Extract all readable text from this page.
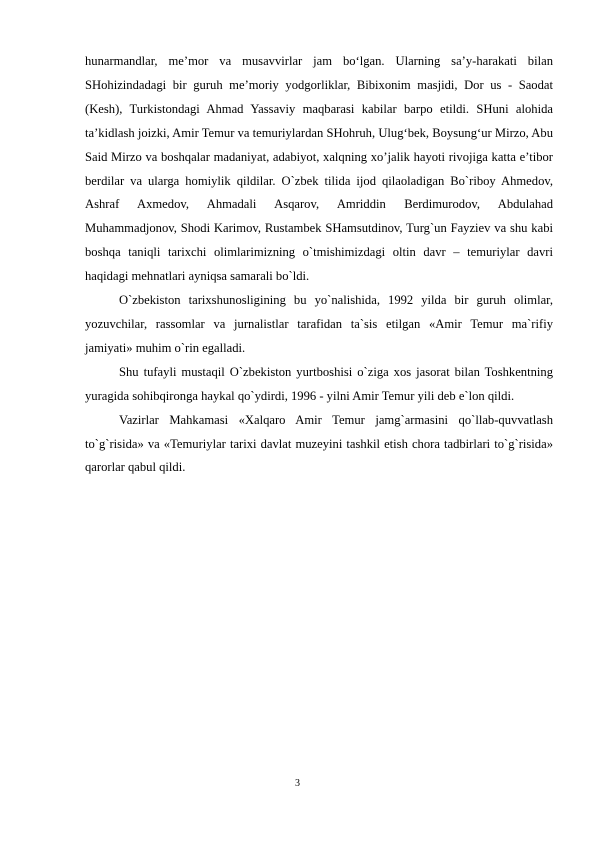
hunarmandlar, me’mor va musavvirlar jam bo‘lgan. Ularning sa’y-harakati bilan SHohizindadagi bir guruh me’moriy yodgorliklar, Bibixonim masjidi, Dor us - Saodat (Kesh), Turkistondagi Ahmad Yassaviy maqbarasi kabilar barpo etildi. SHuni alohida ta’kidlash joizki, Amir Temur va temuriylardan SHohruh, Ulug‘bek, Boysung‘ur Mirzo, Abu Said Mirzo va boshqalar madaniyat, adabiyot, xalqning xo’jalik hayoti rivojiga katta e’tibor berdilar va ularga homiylik qildilar. O`zbek tilida ijod qilaoladigan Bo`riboy Ahmedov, Ashraf Axmedov, Ahmadali Asqarov, Amriddin Berdimurodov, Abdulahad Muhammadjonov, Shodi Karimov, Rustambek SHamsutdinov, Turg`un Fayziev va shu kabi boshqa taniqli tarixchi olimlarimizning o`tmishimizdagi oltin davr – temuriylar davri haqidagi mehnatlari ayniqsa samarali bo`ldi.

O`zbekiston tarixshunosligining bu yo`nalishida, 1992 yilda bir guruh olimlar, yozuvchilar, rassomlar va jurnalistlar tarafidan ta`sis etilgan «Amir Temur ma`rifiy jamiyati» muhim o`rin egalladi.

Shu tufayli mustaqil O`zbekiston yurtboshisi o`ziga xos jasorat bilan Toshkentning yuragida sohibqironga haykal qo`ydirdi, 1996 - yilni Amir Temur yili deb e`lon qildi.

Vazirlar Mahkamasi «Xalqaro Amir Temur jamg`armasini qo`llab-quvvatlash to`g`risida» va «Temuriylar tarixi davlat muzeyini tashkil etish chora tadbirlari to`g`risida» qarorlar qabul qildi.

3
